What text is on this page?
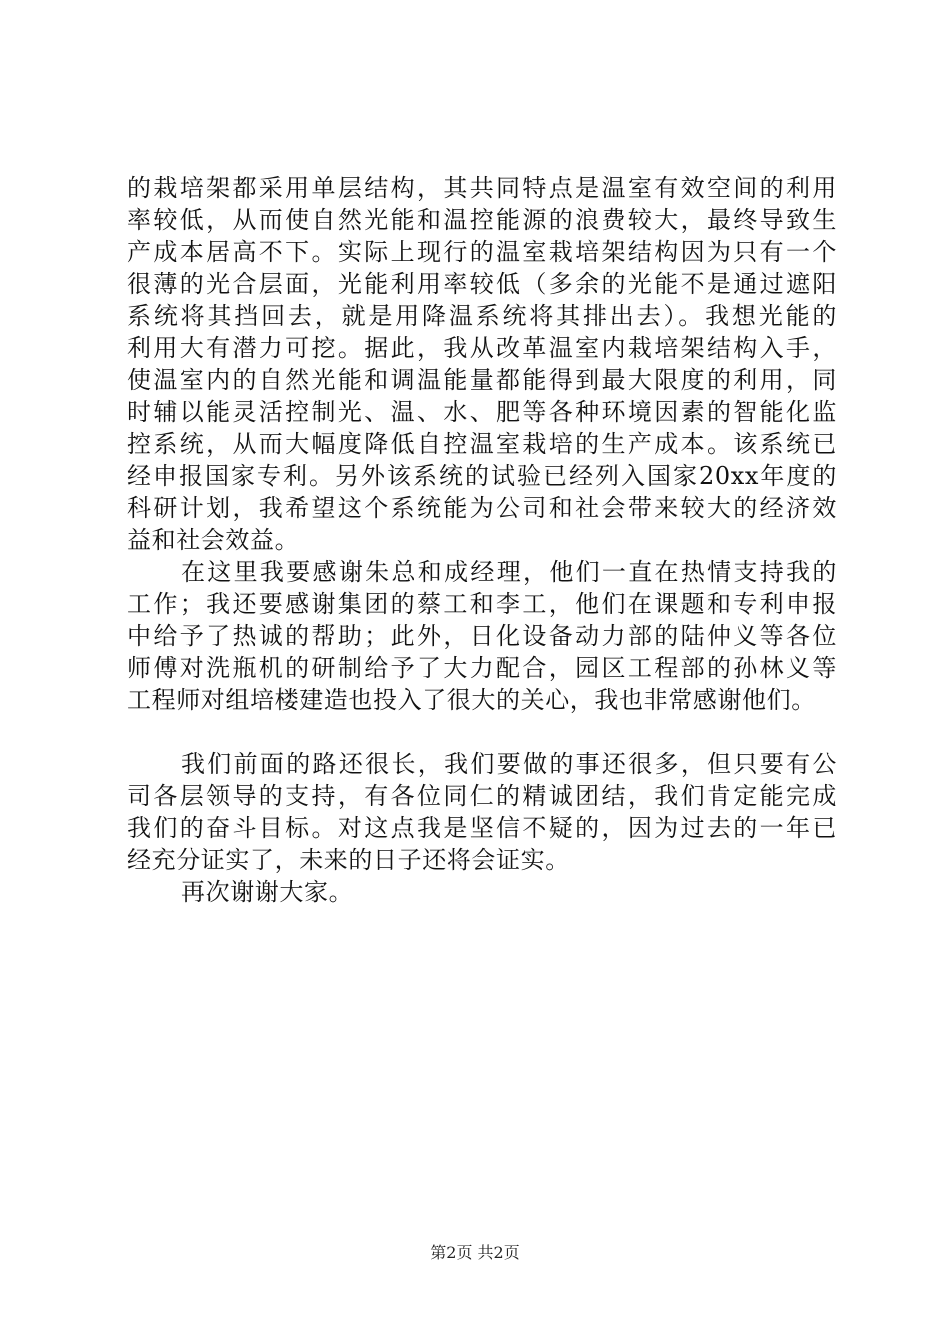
的栽培架都采用单层结构，其共同特点是温室有效空间的利用
率较低，从而使自然光能和温控能源的浪费较大，最终导致生
产成本居高不下。实际上现行的温室栽培架结构因为只有一个
很薄的光合层面，光能利用率较低（多余的光能不是通过遮阳
系统将其挡回去，就是用降温系统将其排出去）。我想光能的
利用大有潜力可挖。据此，我从改革温室内栽培架结构入手，
使温室内的自然光能和调温能量都能得到最大限度的利用，同
时辅以能灵活控制光、温、水、肥等各种环境因素的智能化监
控系统，从而大幅度降低自控温室栽培的生产成本。该系统已
经申报国家专利。另外该系统的试验已经列入国家20xx年度的
科研计划，我希望这个系统能为公司和社会带来较大的经济效
益和社会效益。
在这里我要感谢朱总和成经理，他们一直在热情支持我的
工作；我还要感谢集团的蔡工和李工，他们在课题和专利申报
中给予了热诚的帮助；此外，日化设备动力部的陆仲义等各位
师傅对洗瓶机的研制给予了大力配合，园区工程部的孙林义等
工程师对组培楼建造也投入了很大的关心，我也非常感谢他们。
我们前面的路还很长，我们要做的事还很多，但只要有公
司各层领导的支持，有各位同仁的精诚团结，我们肯定能完成
我们的奋斗目标。对这点我是坚信不疑的，因为过去的一年已
经充分证实了，未来的日子还将会证实。
再次谢谢大家。
第2页 共2页
